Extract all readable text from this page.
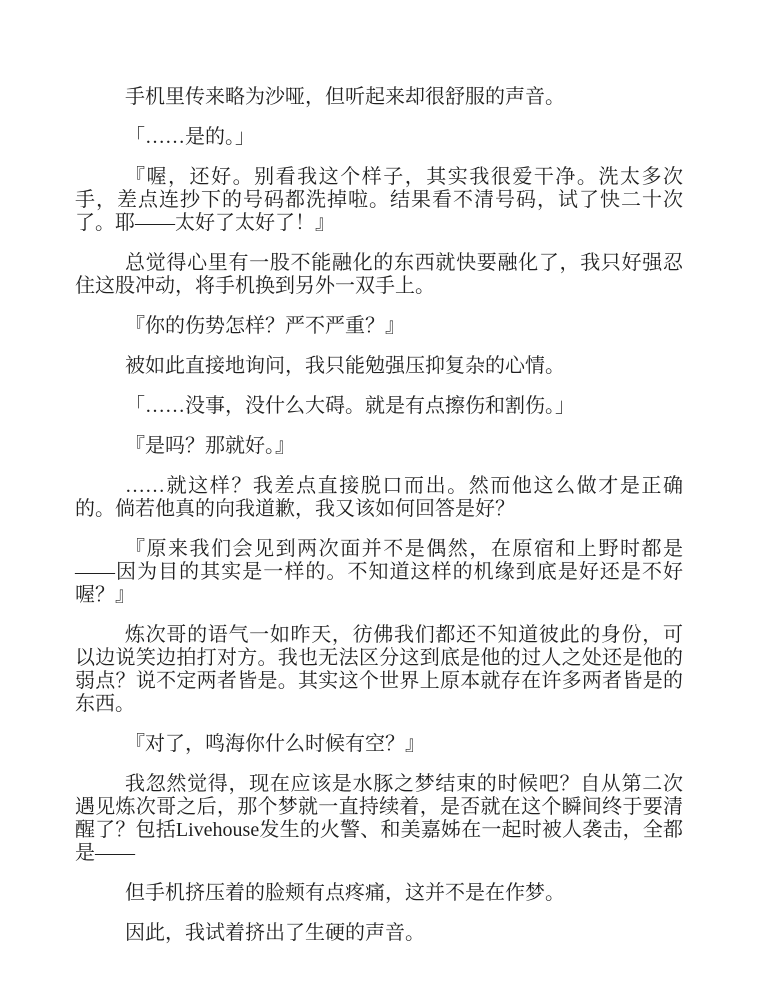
手机里传来略为沙哑，但听起来却很舒服的声音。

「……是的。」

『喔，还好。别看我这个样子，其实我很爱干净。洗太多次手，差点连抄下的号码都洗掉啦。结果看不清号码，试了快二十次了。耶——太好了太好了！』

总觉得心里有一股不能融化的东西就快要融化了，我只好强忍住这股冲动，将手机换到另外一双手上。

『你的伤势怎样？严不严重？』

被如此直接地询问，我只能勉强压抑复杂的心情。

「……没事，没什么大碍。就是有点擦伤和割伤。」

『是吗？那就好。』

……就这样？我差点直接脱口而出。然而他这么做才是正确的。倘若他真的向我道歉，我又该如何回答是好？

『原来我们会见到两次面并不是偶然，在原宿和上野时都是——因为目的其实是一样的。不知道这样的机缘到底是好还是不好喔？』

炼次哥的语气一如昨天，彷佛我们都还不知道彼此的身份，可以边说笑边拍打对方。我也无法区分这到底是他的过人之处还是他的弱点？说不定两者皆是。其实这个世界上原本就存在许多两者皆是的东西。

『对了，鸣海你什么时候有空？』

我忽然觉得，现在应该是水豚之梦结束的时候吧？自从第二次遇见炼次哥之后，那个梦就一直持续着，是否就在这个瞬间终于要清醒了？包括Livehouse发生的火警、和美嘉姊在一起时被人袭击，全都是——

但手机挤压着的脸颊有点疼痛，这并不是在作梦。

因此，我试着挤出了生硬的声音。
